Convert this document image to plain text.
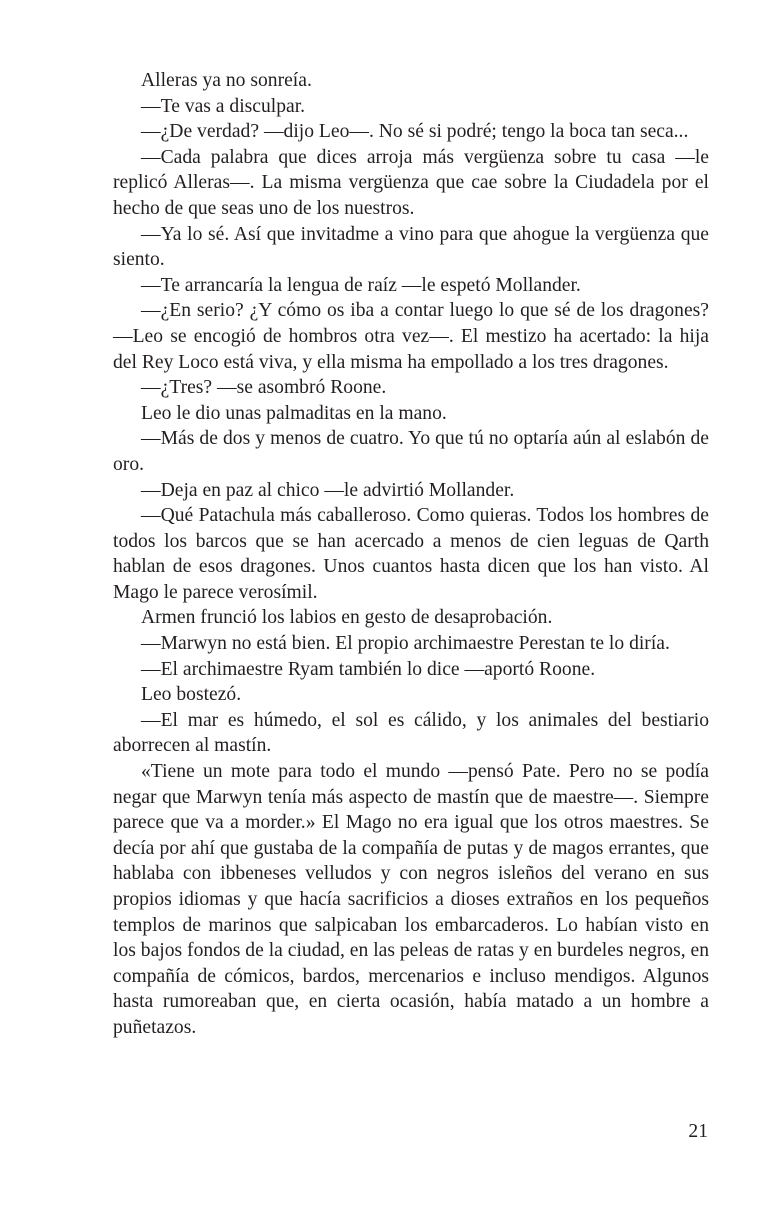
Alleras ya no sonreía.

—Te vas a disculpar.

—¿De verdad? —dijo Leo—. No sé si podré; tengo la boca tan seca...

—Cada palabra que dices arroja más vergüenza sobre tu casa —le replicó Alleras—. La misma vergüenza que cae sobre la Ciudadela por el hecho de que seas uno de los nuestros.

—Ya lo sé. Así que invitadme a vino para que ahogue la vergüenza que siento.

—Te arrancaría la lengua de raíz —le espetó Mollander.

—¿En serio? ¿Y cómo os iba a contar luego lo que sé de los dragones? —Leo se encogió de hombros otra vez—. El mestizo ha acertado: la hija del Rey Loco está viva, y ella misma ha empollado a los tres dragones.

—¿Tres? —se asombró Roone.

Leo le dio unas palmaditas en la mano.

—Más de dos y menos de cuatro. Yo que tú no optaría aún al eslabón de oro.

—Deja en paz al chico —le advirtió Mollander.

—Qué Patachula más caballeroso. Como quieras. Todos los hombres de todos los barcos que se han acercado a menos de cien leguas de Qarth hablan de esos dragones. Unos cuantos hasta dicen que los han visto. Al Mago le parece verosímil.

Armen frunció los labios en gesto de desaprobación.

—Marwyn no está bien. El propio archimaestre Perestan te lo diría.

—El archimaestre Ryam también lo dice —aportó Roone.

Leo bostezó.

—El mar es húmedo, el sol es cálido, y los animales del bestiario aborrecen al mastín.

«Tiene un mote para todo el mundo —pensó Pate. Pero no se podía negar que Marwyn tenía más aspecto de mastín que de maestre—. Siempre parece que va a morder.» El Mago no era igual que los otros maestres. Se decía por ahí que gustaba de la compañía de putas y de magos errantes, que hablaba con ibbeneses velludos y con negros isleños del verano en sus propios idiomas y que hacía sacrificios a dioses extraños en los pequeños templos de marinos que salpicaban los embarcaderos. Lo habían visto en los bajos fondos de la ciudad, en las peleas de ratas y en burdeles negros, en compañía de cómicos, bardos, mercenarios e incluso mendigos. Algunos hasta rumoreaban que, en cierta ocasión, había matado a un hombre a puñetazos.

21
